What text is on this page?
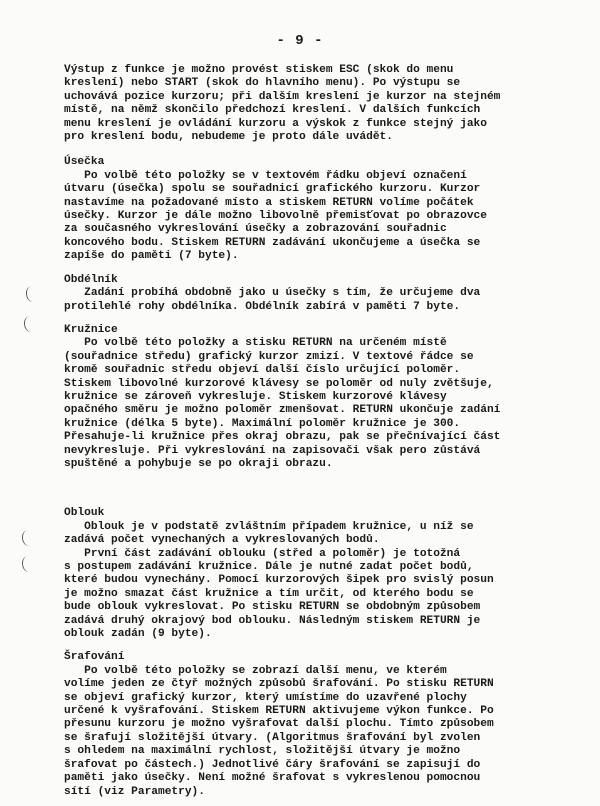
- 9 -
Výstup z funkce je možno provést stiskem ESC (skok do menu
kreslení) nebo START (skok do hlavního menu). Po výstupu se
uchovává pozice kurzoru; při dalším kreslení je kurzor na stejném
místě, na němž skončilo předchozí kreslení. V dalších funkcích
menu kreslení je ovládání kurzoru a výskok z funkce stejný jako
pro kreslení bodu, nebudeme je proto dále uvádět.
Úsečka
Po volbě této položky se v textovém řádku objeví označení
útvaru (úsečka) spolu se souřadnicí grafického kurzoru. Kurzor
nastavíme na požadované místo a stiskem RETURN volíme počátek
úsečky. Kurzor je dále možno libovolně přemisťovat po obrazovce
za současného vykreslování úsečky a zobrazování souřadnic
koncového bodu. Stiskem RETURN zadávání ukončujeme a úsečka se
zapíše do paměti (7 byte).
Obdélník
Zadání probíhá obdobně jako u úsečky s tím, že určujeme dva
protilehlé rohy obdélníka. Obdélník zabírá v paměti 7 byte.
Kružnice
Po volbě této položky a stisku RETURN na určeném místě
(souřadnice středu) grafický kurzor zmizí. V textové řádce se
kromě souřadnic středu objeví další číslo určující poloměr.
Stiskem libovolné kurzorové klávesy se poloměr od nuly zvětšuje,
kružnice se zároveň vykresluje. Stiskem kurzorové klávesy
opačného směru je možno poloměr zmenšovat. RETURN ukončuje zadání
kružnice (délka 5 byte). Maximální poloměr kružnice je 300.
Přesahuje-li kružnice přes okraj obrazu, pak se přečnívající část
nevykresluje. Při vykreslování na zapisovači však pero zůstává
spuštěné a pohybuje se po okraji obrazu.
Oblouk
Oblouk je v podstatě zvláštním případem kružnice, u níž se
zadává počet vynechaných a vykreslovaných bodů.
První část zadávání oblouku (střed a poloměr) je totožná
s postupem zadávání kružnice. Dále je nutné zadat počet bodů,
které budou vynechány. Pomocí kurzorových šipek pro svislý posun
je možno smazat část kružnice a tím určit, od kterého bodu se
bude oblouk vykreslovat. Po stisku RETURN se obdobným způsobem
zadává druhý okrajový bod oblouku. Následným stiskem RETURN je
oblouk zadán (9 byte).
Šrafování
Po volbě této položky se zobrazí další menu, ve kterém
volíme jeden ze čtyř možných způsobů šrafování. Po stisku RETURN
se objeví grafický kurzor, který umístíme do uzavřené plochy
určené k vyšrafování. Stiskem RETURN aktivujeme výkon funkce. Po
přesunu kurzoru je možno vyšrafovat další plochu. Tímto způsobem
se šrafují složitější útvary. (Algoritmus šrafování byl zvolen
s ohledem na maximální rychlost, složitější útvary je možno
šrafovat po částech.) Jednotlivé čáry šrafování se zapisují do
paměti jako úsečky. Není možné šrafovat s vykreslenou pomocnou
sítí (viz Parametry).
